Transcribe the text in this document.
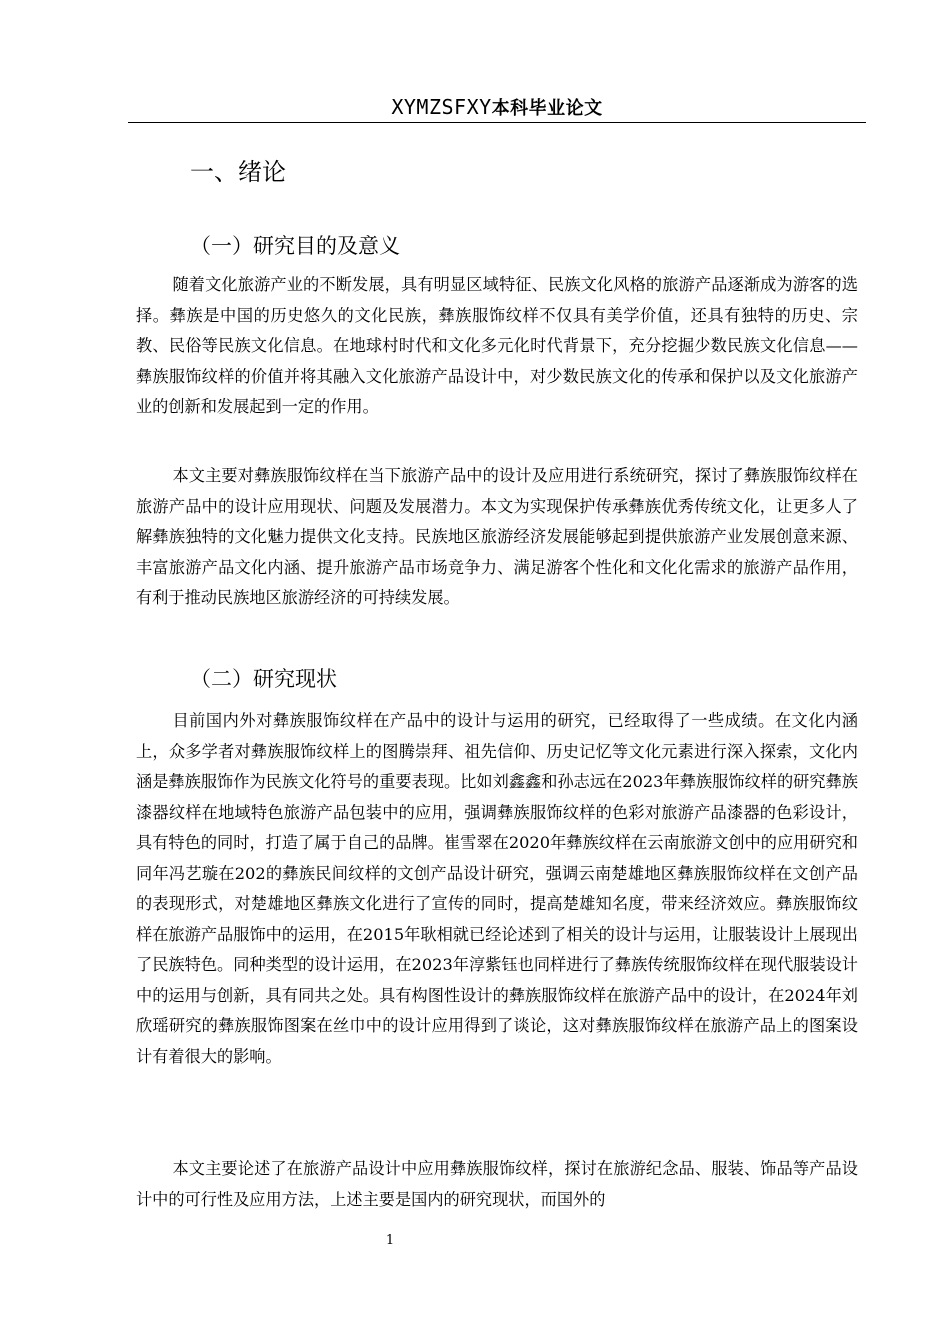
XYMZSFXY本科毕业论文
一、绪论
（一）研究目的及意义

随着文化旅游产业的不断发展，具有明显区域特征、民族文化风格的旅游产品逐渐成为游客的选择。彝族是中国的历史悠久的文化民族，彝族服饰纹样不仅具有美学价值，还具有独特的历史、宗教、民俗等民族文化信息。在地球村时代和文化多元化时代背景下，充分挖掘少数民族文化信息——彝族服饰纹样的价值并将其融入文化旅游产品设计中，对少数民族文化的传承和保护以及文化旅游产业的创新和发展起到一定的作用。

本文主要对彝族服饰纹样在当下旅游产品中的设计及应用进行系统研究，探讨了彝族服饰纹样在旅游产品中的设计应用现状、问题及发展潜力。本文为实现保护传承彝族优秀传统文化，让更多人了解彝族独特的文化魅力提供文化支持。民族地区旅游经济发展能够起到提供旅游产业发展创意来源、丰富旅游产品文化内涵、提升旅游产品市场竞争力、满足游客个性化和文化化需求的旅游产品作用，有利于推动民族地区旅游经济的可持续发展。

（二）研究现状

目前国内外对彝族服饰纹样在产品中的设计与运用的研究，已经取得了一些成绩。在文化内涵上，众多学者对彝族服饰纹样上的图腾崇拜、祖先信仰、历史记忆等文化元素进行深入探索，文化内涵是彝族服饰作为民族文化符号的重要表现。比如刘鑫鑫和孙志远在2023年彝族服饰纹样的研究彝族漆器纹样在地域特色旅游产品包装中的应用，强调彝族服饰纹样的色彩对旅游产品漆器的色彩设计，具有特色的同时，打造了属于自己的品牌。崔雪翠在2020年彝族纹样在云南旅游文创中的应用研究和同年冯艺璇在202的彝族民间纹样的文创产品设计研究，强调云南楚雄地区彝族服饰纹样在文创产品的表现形式，对楚雄地区彝族文化进行了宣传的同时，提高楚雄知名度，带来经济效应。彝族服饰纹样在旅游产品服饰中的运用，在2015年耿相就已经论述到了相关的设计与运用，让服装设计上展现出了民族特色。同种类型的设计运用，在2023年淳紫钰也同样进行了彝族传统服饰纹样在现代服装设计中的运用与创新，具有同共之处。具有构图性设计的彝族服饰纹样在旅游产品中的设计，在2024年刘欣瑶研究的彝族服饰图案在丝巾中的设计应用得到了谈论，这对彝族服饰纹样在旅游产品上的图案设计有着很大的影响。

本文主要论述了在旅游产品设计中应用彝族服饰纹样，探讨在旅游纪念品、服装、饰品等产品设计中的可行性及应用方法，上述主要是国内的研究现状，而国外的

1
